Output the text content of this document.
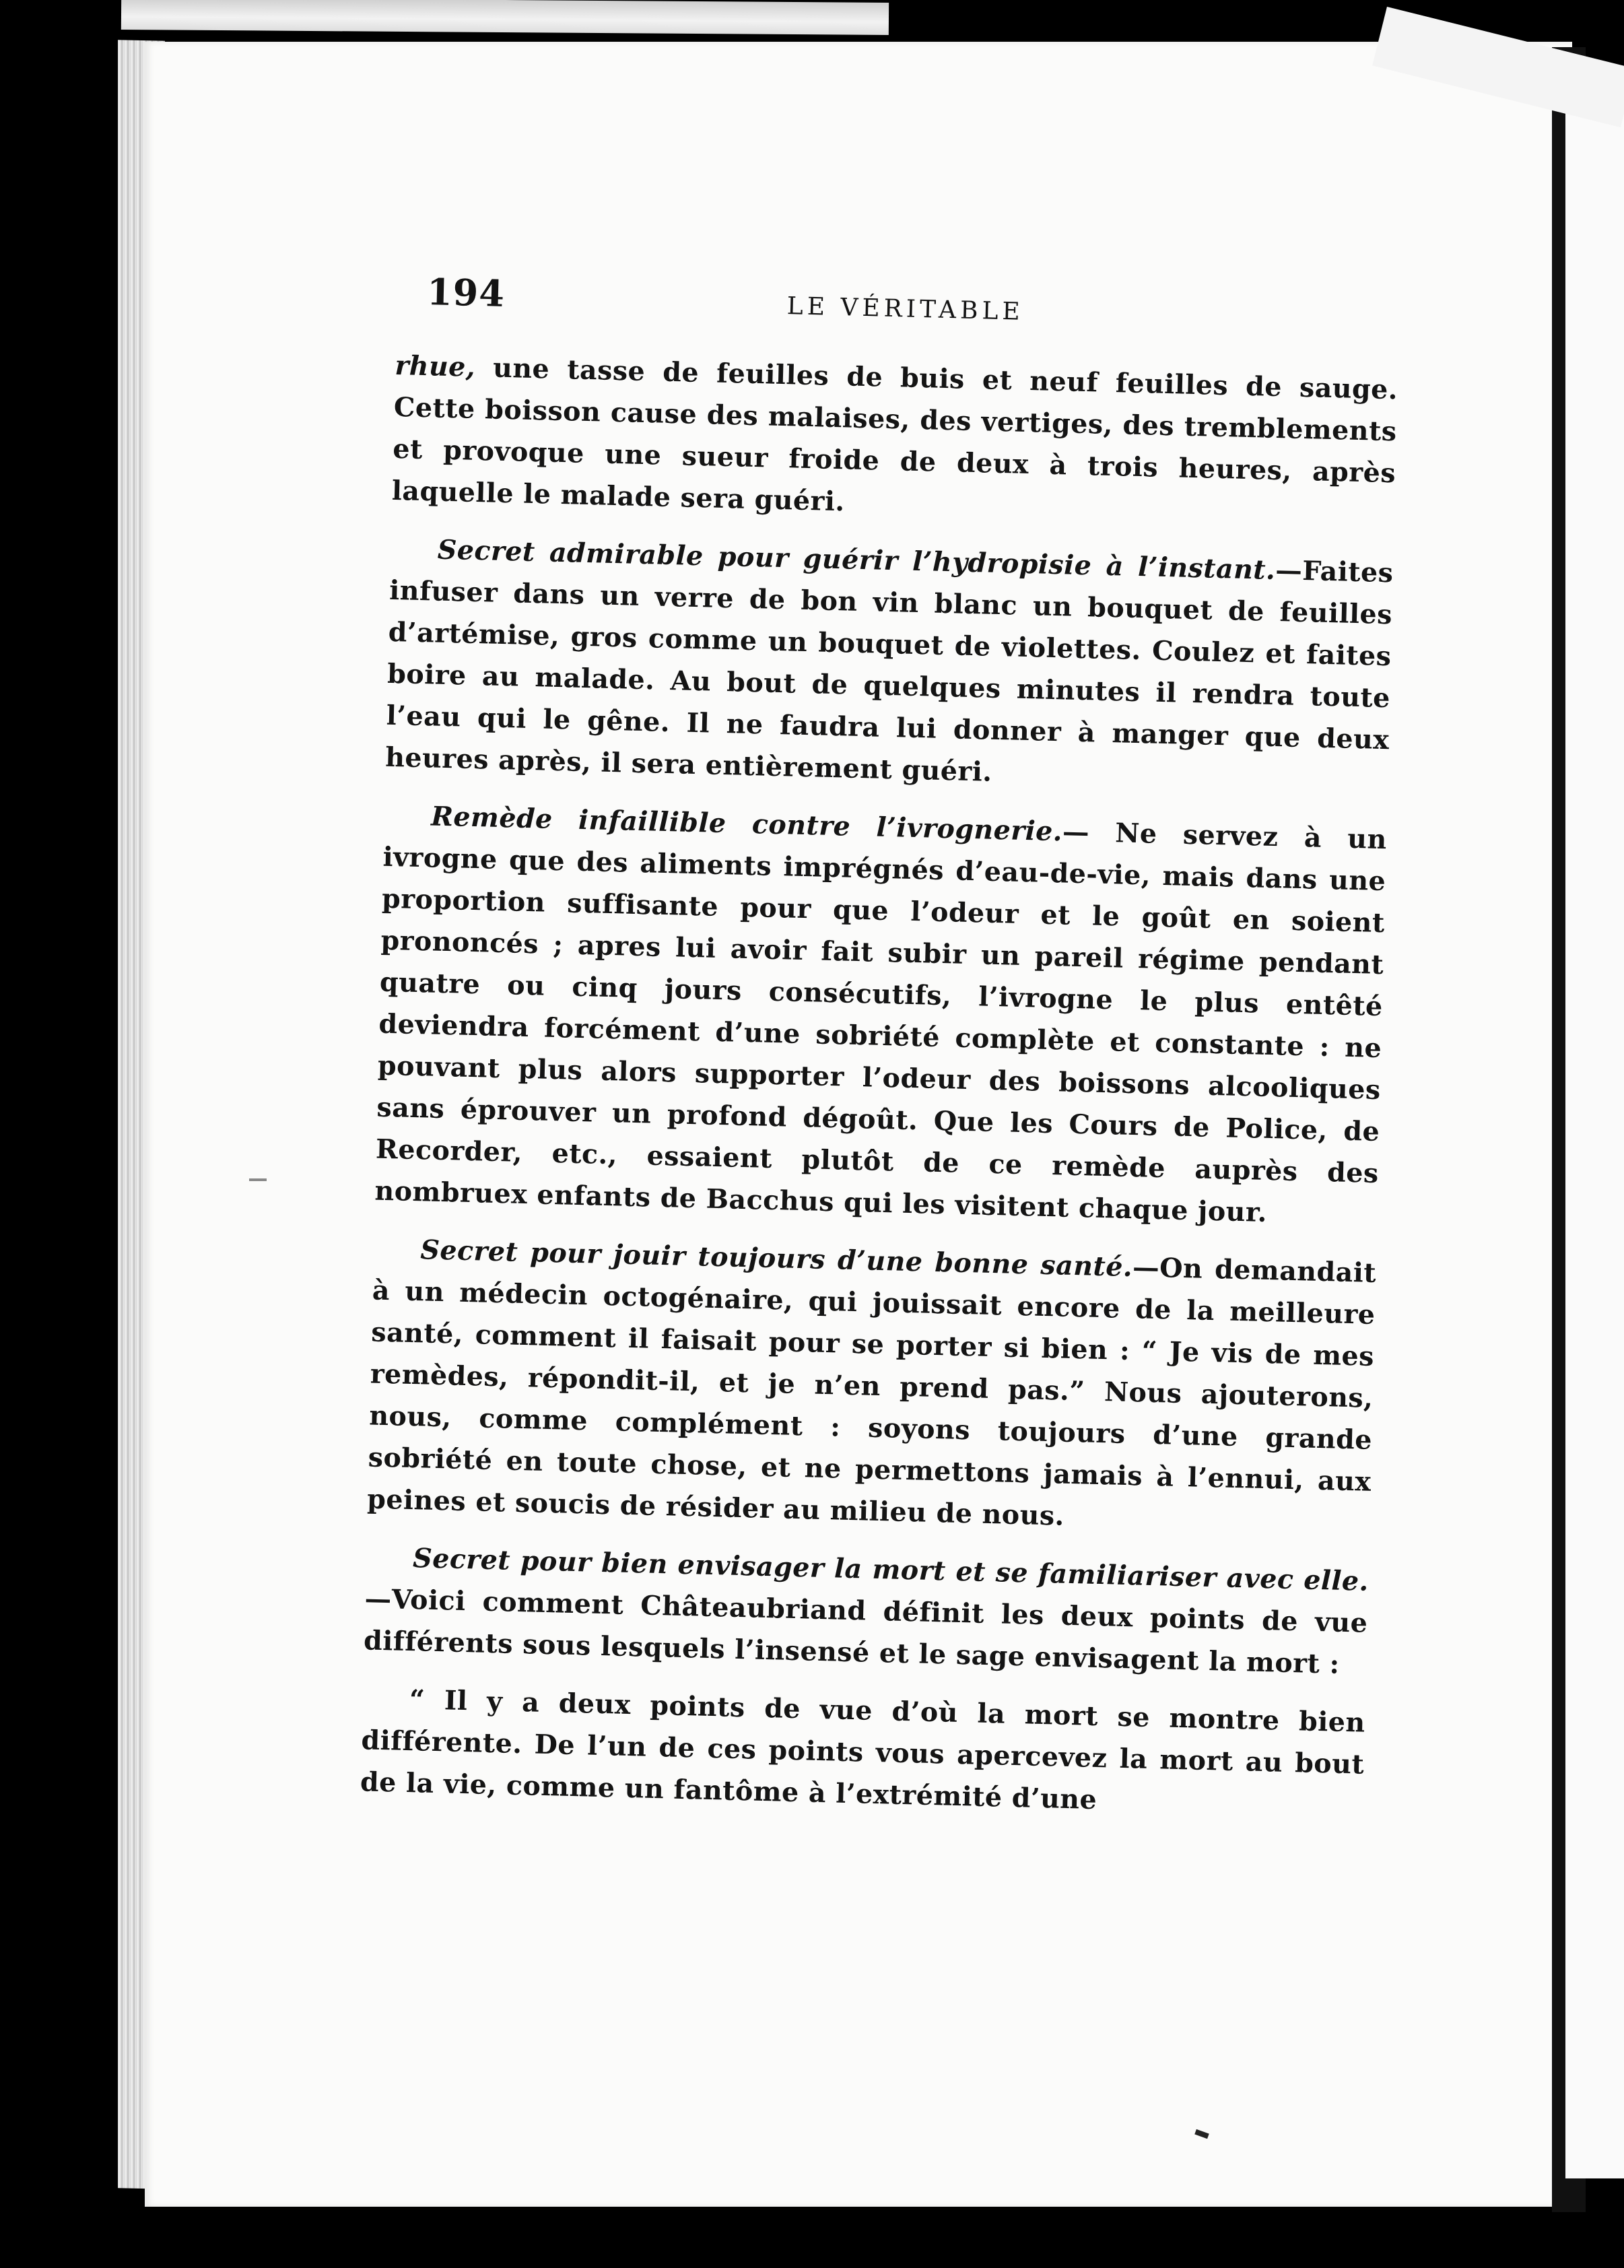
194	LE VÉRITABLE

rhue, une tasse de feuilles de buis et neuf feuilles de sauge. Cette boisson cause des malaises, des vertiges, des tremblements et provoque une sueur froide de deux à trois heures, après laquelle le malade sera guéri.

Secret admirable pour guérir l’hydropisie à l’instant.—Faites infuser dans un verre de bon vin blanc un bouquet de feuilles d’artémise, gros comme un bouquet de violettes. Coulez et faites boire au malade. Au bout de quelques minutes il rendra toute l’eau qui le gêne. Il ne faudra lui donner à manger que deux heures après, il sera entièrement guéri.

Remède infaillible contre l’ivrognerie.— Ne servez à un ivrogne que des aliments imprégnés d’eau-de-vie, mais dans une proportion suffisante pour que l’odeur et le goût en soient prononcés ; apres lui avoir fait subir un pareil régime pendant quatre ou cinq jours consécutifs, l’ivrogne le plus entêté deviendra forcément d’une sobriété complète et constante : ne pouvant plus alors supporter l’odeur des boissons alcooliques sans éprouver un profond dégoût. Que les Cours de Police, de Recorder, etc., essaient plutôt de ce remède auprès des nombruex enfants de Bacchus qui les visitent chaque jour.

Secret pour jouir toujours d’une bonne santé.—On demandait à un médecin octogénaire, qui jouissait encore de la meilleure santé, comment il faisait pour se porter si bien : “ Je vis de mes remèdes, répondit-il, et je n’en prend pas.” Nous ajouterons, nous, comme complément : soyons toujours d’une grande sobriété en toute chose, et ne permettons jamais à l’ennui, aux peines et soucis de résider au milieu de nous.

Secret pour bien envisager la mort et se familiariser avec elle.—Voici comment Châteaubriand définit les deux points de vue différents sous lesquels l’insensé et le sage envisagent la mort :

“ Il y a deux points de vue d’où la mort se montre bien différente. De l’un de ces points vous apercevez la mort au bout de la vie, comme un fantôme à l’extrémité d’une
